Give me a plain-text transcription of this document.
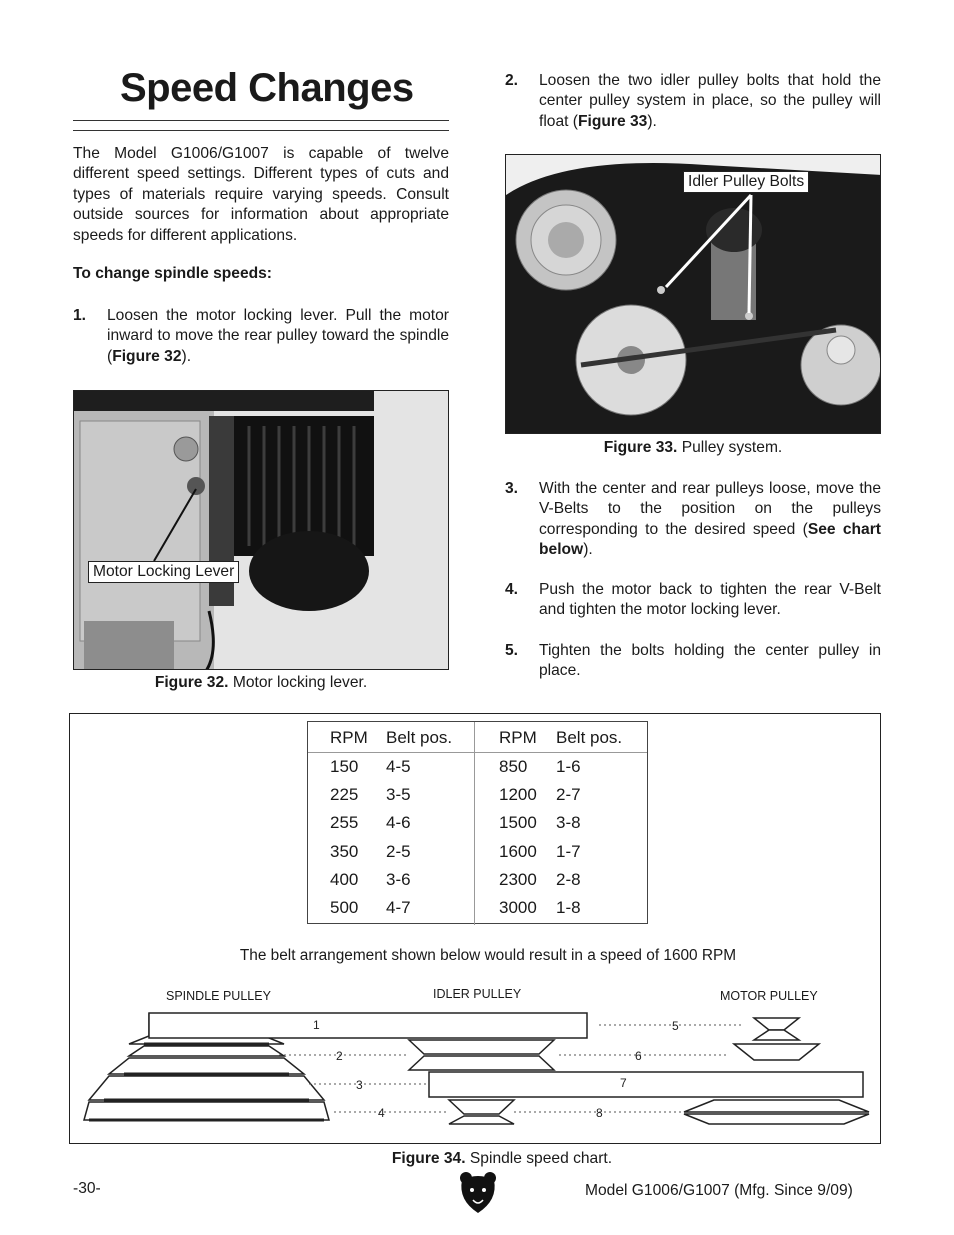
Speed Changes
The Model G1006/G1007 is capable of twelve different speed settings. Different types of cuts and types of materials require varying speeds. Consult outside sources for information about appropriate speeds for different applications.
To change spindle speeds:
1. Loosen the motor locking lever. Pull the motor inward to move the rear pulley toward the spindle (Figure 32).
Motor Locking Lever
Figure 32. Motor locking lever.
2. Loosen the two idler pulley bolts that hold the center pulley system in place, so the pulley will float (Figure 33).
Idler Pulley Bolts
Figure 33. Pulley system.
3. With the center and rear pulleys loose, move the V-Belts to the position on the pulleys corresponding to the desired speed (See chart below).
4. Push the motor back to tighten the rear V-Belt and tighten the motor locking lever.
5. Tighten the bolts holding the center pulley in place.
RPM Belt pos.	RPM Belt pos.
150 4-5	850 1-6
225 3-5	1200 2-7
255 4-6	1500 3-8
350 2-5	1600 1-7
400 3-6	2300 2-8
500 4-7	3000 1-8
The belt arrangement shown below would result in a speed of 1600 RPM
SPINDLE PULLEY	IDLER PULLEY	MOTOR PULLEY
1
2
3
4
5
6
7
8
Figure 34. Spindle speed chart.
-30-	Model G1006/G1007 (Mfg. Since 9/09)
